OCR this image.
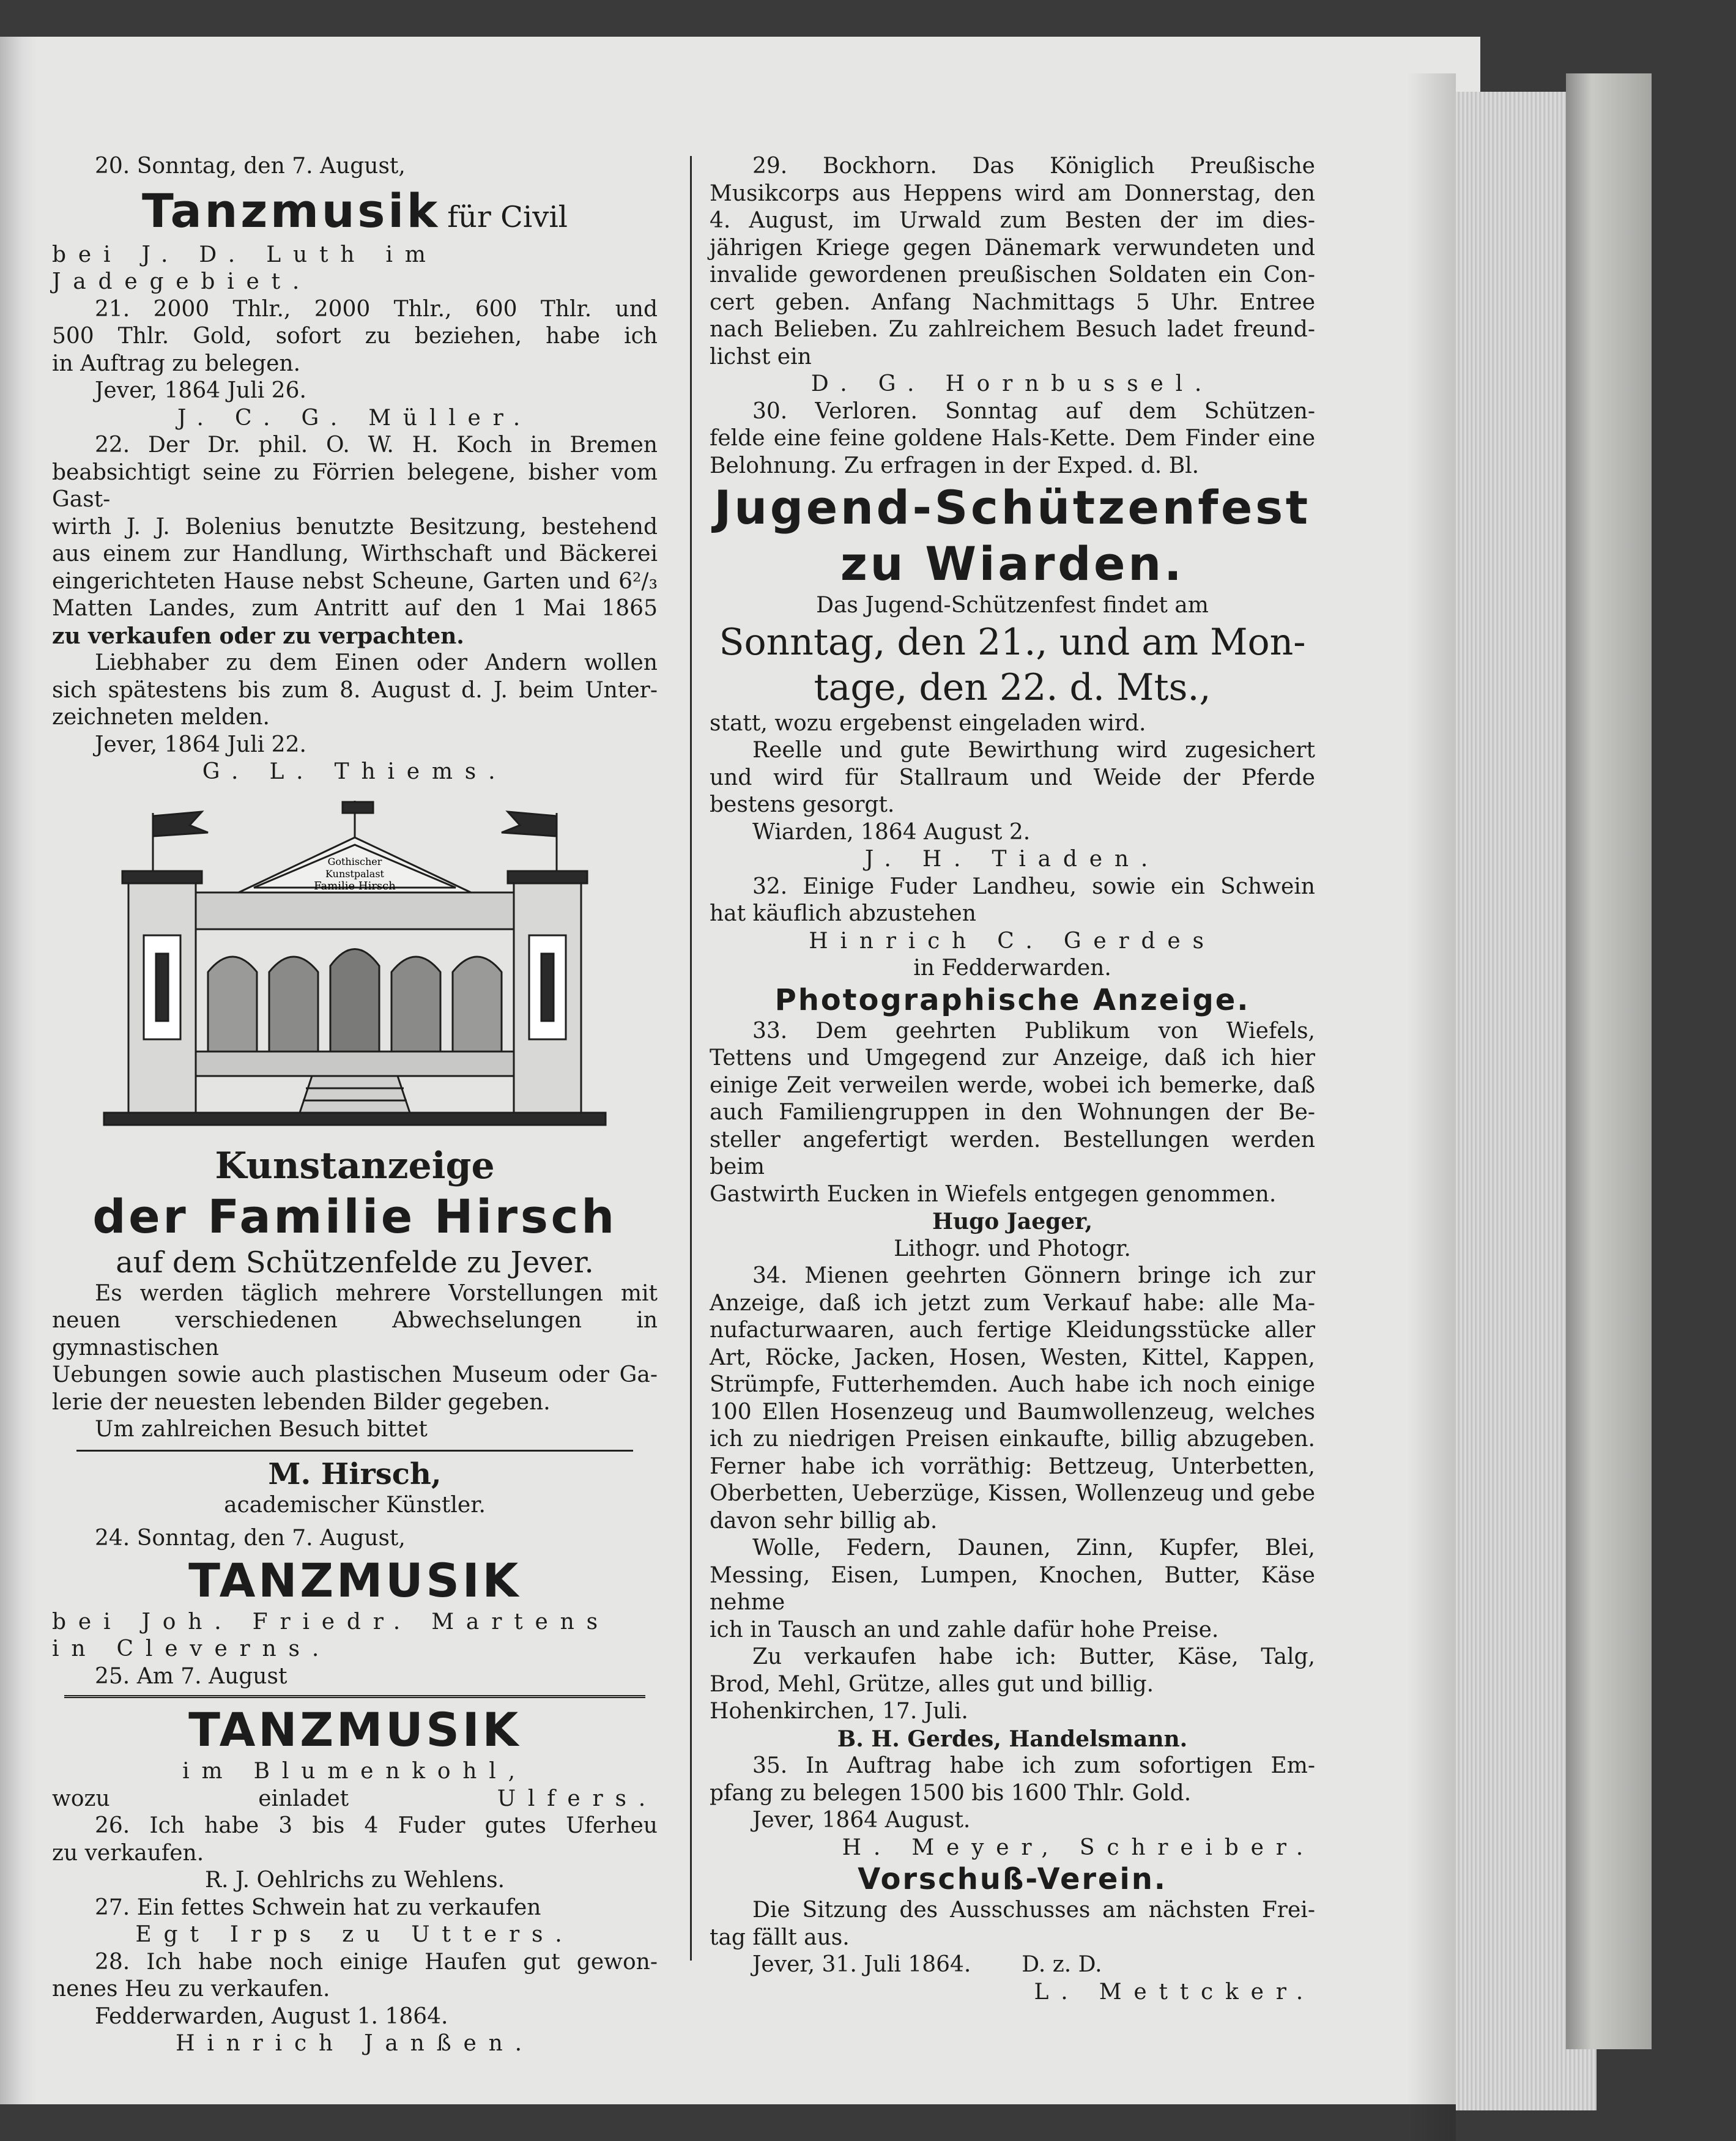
20. Sonntag, den 7. August,

Tanzmusik für Civil

bei J. D. Luth im Jadegebiet.

21. 2000 Thlr., 2000 Thlr., 600 Thlr. und

500 Thlr. Gold, sofort zu beziehen, habe ich

in Auftrag zu belegen.

Jever, 1864 Juli 26.

J. C. G. Müller.

22. Der Dr. phil. O. W. H. Koch in Bremen

beabsichtigt seine zu Förrien belegene, bisher vom Gast-

wirth J. J. Bolenius benutzte Besitzung, bestehend

aus einem zur Handlung, Wirthschaft und Bäckerei

eingerichteten Hause nebst Scheune, Garten und 6²/₃

Matten Landes, zum Antritt auf den 1 Mai 1865

zu verkaufen oder zu verpachten.

Liebhaber zu dem Einen oder Andern wollen

sich spätestens bis zum 8. August d. J. beim Unter-

zeichneten melden.

Jever, 1864 Juli 22.

G. L. Thiems.

Gothischer
Kunstpalast
Familie Hirsch

Kunstanzeige

der Familie Hirsch

auf dem Schützenfelde zu Jever.

Es werden täglich mehrere Vorstellungen mit

neuen verschiedenen Abwechselungen in gymnastischen

Uebungen sowie auch plastischen Museum oder Ga-

lerie der neuesten lebenden Bilder gegeben.

Um zahlreichen Besuch bittet

M. Hirsch,

academischer Künstler.

24. Sonntag, den 7. August,

TANZMUSIK

bei Joh. Friedr. Martens in Cleverns.

25. Am 7. August

TANZMUSIK

im Blumenkohl,

wozu einladet	Ulfers.

26. Ich habe 3 bis 4 Fuder gutes Uferheu

zu verkaufen.

R. J. Oehlrichs zu Wehlens.

27. Ein fettes Schwein hat zu verkaufen

Egt Irps zu Utters.

28. Ich habe noch einige Haufen gut gewon-

nenes Heu zu verkaufen.

Fedderwarden, August 1. 1864.

Hinrich Janßen.

29. Bockhorn. Das Königlich Preußische

Musikcorps aus Heppens wird am Donnerstag, den

4. August, im Urwald zum Besten der im dies-

jährigen Kriege gegen Dänemark verwundeten und

invalide gewordenen preußischen Soldaten ein Con-

cert geben. Anfang Nachmittags 5 Uhr. Entree

nach Belieben. Zu zahlreichem Besuch ladet freund-

lichst ein

D. G. Hornbussel.

30. Verloren. Sonntag auf dem Schützen-

felde eine feine goldene Hals-Kette. Dem Finder eine

Belohnung. Zu erfragen in der Exped. d. Bl.

Jugend-Schützenfest

zu Wiarden.

Das Jugend-Schützenfest findet am

Sonntag, den 21., und am Mon-

tage, den 22. d. Mts.,

statt, wozu ergebenst eingeladen wird.

Reelle und gute Bewirthung wird zugesichert

und wird für Stallraum und Weide der Pferde

bestens gesorgt.

Wiarden, 1864 August 2.

J. H. Tiaden.

32. Einige Fuder Landheu, sowie ein Schwein

hat käuflich abzustehen

Hinrich C. Gerdes

in Fedderwarden.

Photographische Anzeige.

33. Dem geehrten Publikum von Wiefels,

Tettens und Umgegend zur Anzeige, daß ich hier

einige Zeit verweilen werde, wobei ich bemerke, daß

auch Familiengruppen in den Wohnungen der Be-

steller angefertigt werden. Bestellungen werden beim

Gastwirth Eucken in Wiefels entgegen genommen.

Hugo Jaeger,

Lithogr. und Photogr.

34. Mienen geehrten Gönnern bringe ich zur

Anzeige, daß ich jetzt zum Verkauf habe: alle Ma-

nufacturwaaren, auch fertige Kleidungsstücke aller

Art, Röcke, Jacken, Hosen, Westen, Kittel, Kappen,

Strümpfe, Futterhemden. Auch habe ich noch einige

100 Ellen Hosenzeug und Baumwollenzeug, welches

ich zu niedrigen Preisen einkaufte, billig abzugeben.

Ferner habe ich vorräthig: Bettzeug, Unterbetten,

Oberbetten, Ueberzüge, Kissen, Wollenzeug und gebe

davon sehr billig ab.

Wolle, Federn, Daunen, Zinn, Kupfer, Blei,

Messing, Eisen, Lumpen, Knochen, Butter, Käse nehme

ich in Tausch an und zahle dafür hohe Preise.

Zu verkaufen habe ich: Butter, Käse, Talg,

Brod, Mehl, Grütze, alles gut und billig.

Hohenkirchen, 17. Juli.

B. H. Gerdes, Handelsmann.

35. In Auftrag habe ich zum sofortigen Em-

pfang zu belegen 1500 bis 1600 Thlr. Gold.

Jever, 1864 August.

H. Meyer, Schreiber.

Vorschuß-Verein.

Die Sitzung des Ausschusses am nächsten Frei-

tag fällt aus.

Jever, 31. Juli 1864. D. z. D.

L. Mettcker.
